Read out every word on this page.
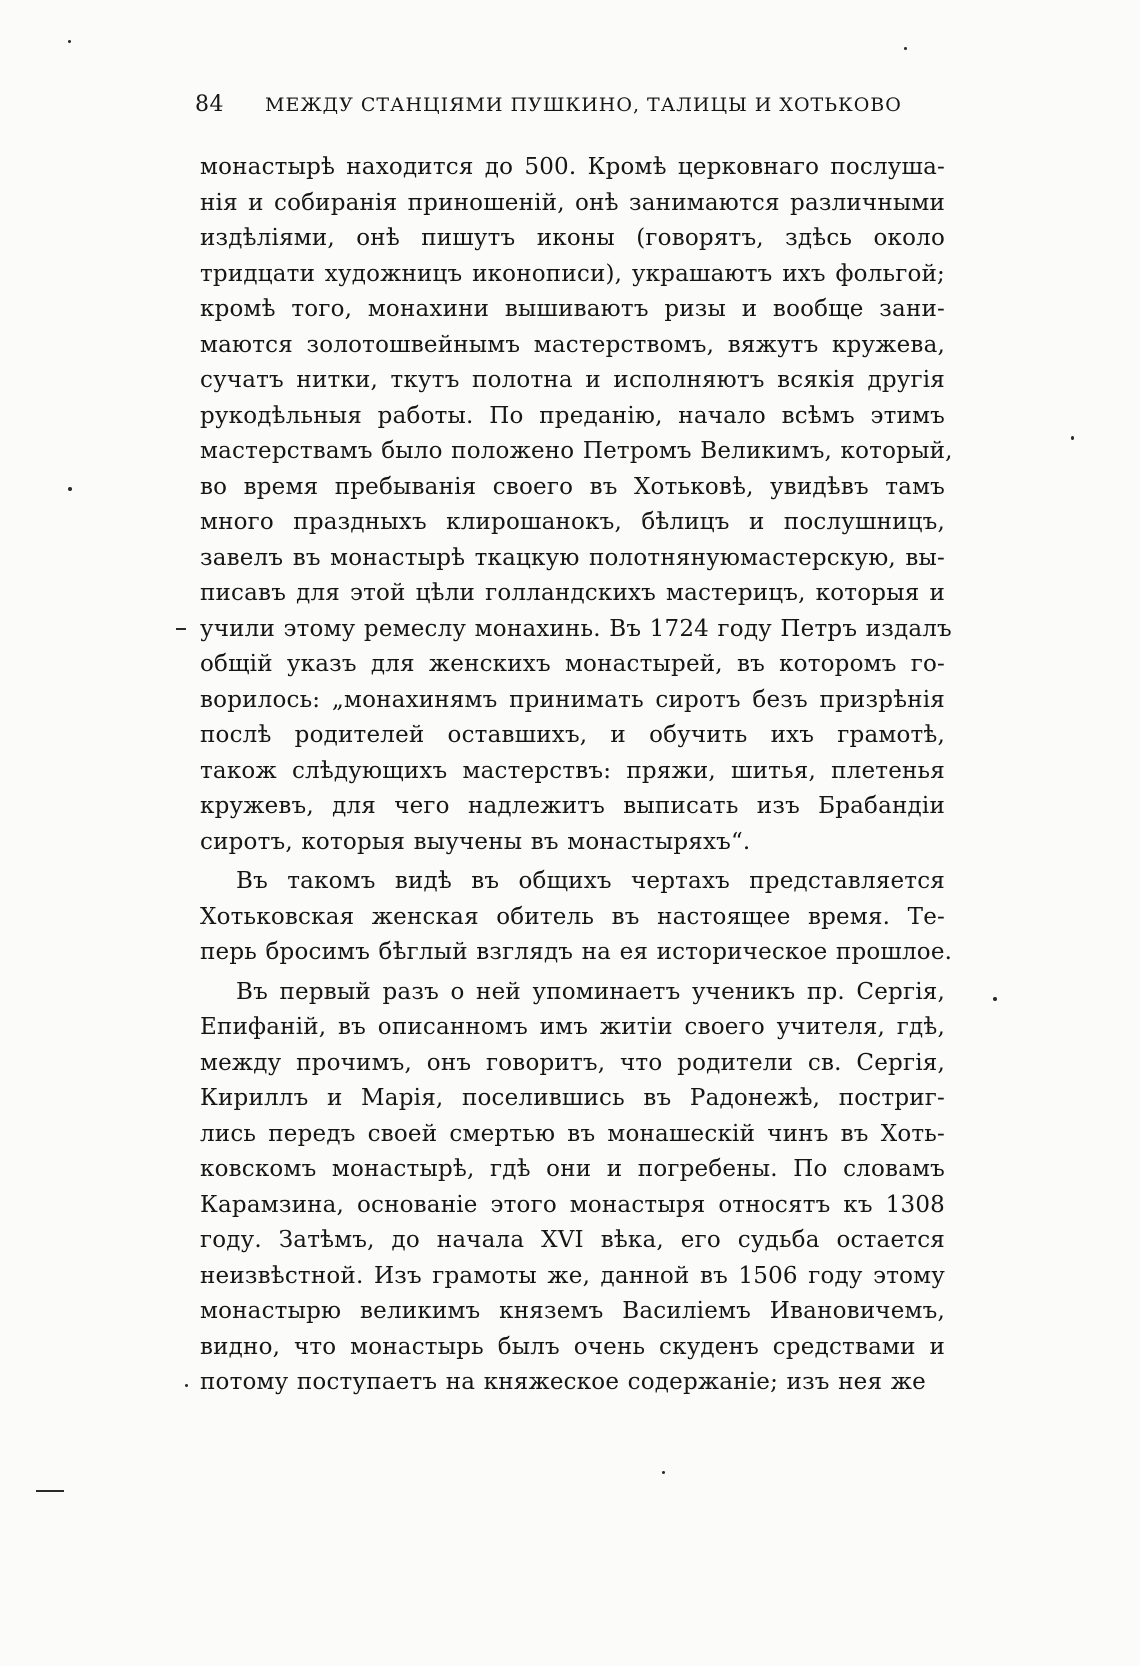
84	МЕЖДУ СТАНЦІЯМИ ПУШКИНО, ТАЛИЦЫ И ХОТЬКОВО
монастырѣ находится до 500. Кромѣ церковнаго послуша-
нія и собиранія приношеній, онѣ занимаются различными
издѣліями, онѣ пишутъ иконы (говорятъ, здѣсь около
тридцати художницъ иконописи), украшаютъ ихъ фольгой;
кромѣ того, монахини вышиваютъ ризы и вообще зани-
маются золотошвейнымъ мастерствомъ, вяжутъ кружева,
сучатъ нитки, ткутъ полотна и исполняютъ всякія другія
рукодѣльныя работы. По преданію, начало всѣмъ этимъ
мастерствамъ было положено Петромъ Великимъ, который,
во время пребыванія своего въ Хотьковѣ, увидѣвъ тамъ
много праздныхъ клирошанокъ, бѣлицъ и послушницъ,
завелъ въ монастырѣ ткацкую полотнянуюмастерскую, вы-
писавъ для этой цѣли голландскихъ мастерицъ, которыя и
учили этому ремеслу монахинь. Въ 1724 году Петръ издалъ
общій указъ для женскихъ монастырей, въ которомъ го-
ворилось: „монахинямъ принимать сиротъ безъ призрѣнія
послѣ родителей оставшихъ, и обучить ихъ грамотѣ,
також слѣдующихъ мастерствъ: пряжи, шитья, плетенья
кружевъ, для чего надлежитъ выписать изъ Брабандіи
сиротъ, которыя выучены въ монастыряхъ“.
Въ такомъ видѣ въ общихъ чертахъ представляется
Хотьковская женская обитель въ настоящее время. Те-
перь бросимъ бѣглый взглядъ на ея историческое прошлое.
Въ первый разъ о ней упоминаетъ ученикъ пр. Сергія,
Епифаній, въ описанномъ имъ житіи своего учителя, гдѣ,
между прочимъ, онъ говоритъ, что родители св. Сергія,
Кириллъ и Марія, поселившись въ Радонежѣ, постриг-
лись передъ своей смертью въ монашескій чинъ въ Хоть-
ковскомъ монастырѣ, гдѣ они и погребены. По словамъ
Карамзина, основаніе этого монастыря относятъ къ 1308
году. Затѣмъ, до начала XVI вѣка, его судьба остается
неизвѣстной. Изъ грамоты же, данной въ 1506 году этому
монастырю великимъ княземъ Василіемъ Ивановичемъ,
видно, что монастырь былъ очень скуденъ средствами и
потому поступаетъ на княжеское содержаніе; изъ нея же
